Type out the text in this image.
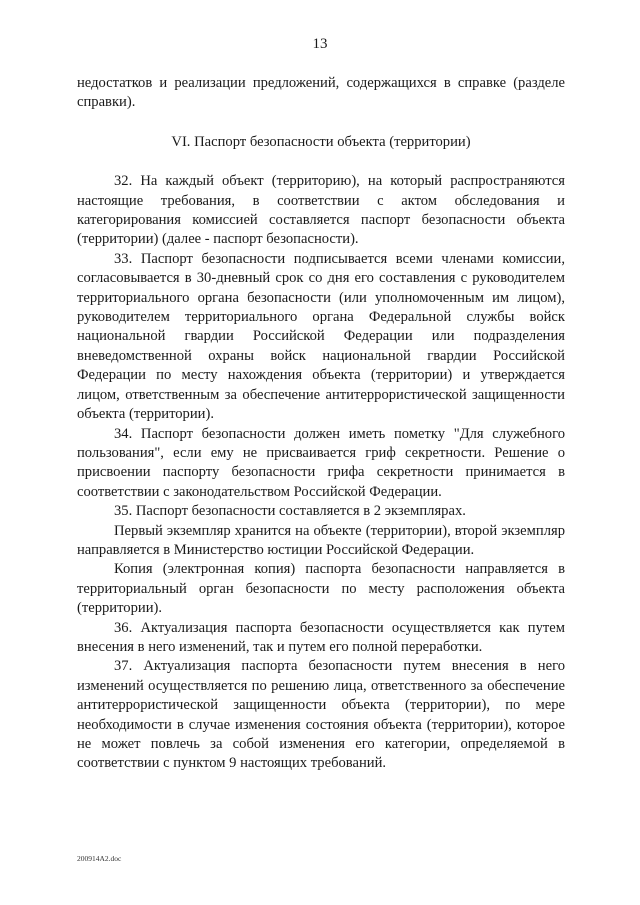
13

недостатков и реализации предложений, содержащихся в справке (разделе справки).

VI. Паспорт безопасности объекта (территории)

32. На каждый объект (территорию), на который распространяются настоящие требования, в соответствии с актом обследования и категорирования комиссией составляется паспорт безопасности объекта (территории) (далее - паспорт безопасности).

33. Паспорт безопасности подписывается всеми членами комиссии, согласовывается в 30-дневный срок со дня его составления с руководителем территориального органа безопасности (или уполномоченным им лицом), руководителем территориального органа Федеральной службы войск национальной гвардии Российской Федерации или подразделения вневедомственной охраны войск национальной гвардии Российской Федерации по месту нахождения объекта (территории) и утверждается лицом, ответственным за обеспечение антитеррористической защищенности объекта (территории).

34. Паспорт безопасности должен иметь пометку "Для служебного пользования", если ему не присваивается гриф секретности. Решение о присвоении паспорту безопасности грифа секретности принимается в соответствии с законодательством Российской Федерации.

35. Паспорт безопасности составляется в 2 экземплярах.

Первый экземпляр хранится на объекте (территории), второй экземпляр направляется в Министерство юстиции Российской Федерации.

Копия (электронная копия) паспорта безопасности направляется в территориальный орган безопасности по месту расположения объекта (территории).

36. Актуализация паспорта безопасности осуществляется как путем внесения в него изменений, так и путем его полной переработки.

37. Актуализация паспорта безопасности путем внесения в него изменений осуществляется по решению лица, ответственного за обеспечение антитеррористической защищенности объекта (территории), по мере необходимости в случае изменения состояния объекта (территории), которое не может повлечь за собой изменения его категории, определяемой в соответствии с пунктом 9 настоящих требований.

200914A2.doc
